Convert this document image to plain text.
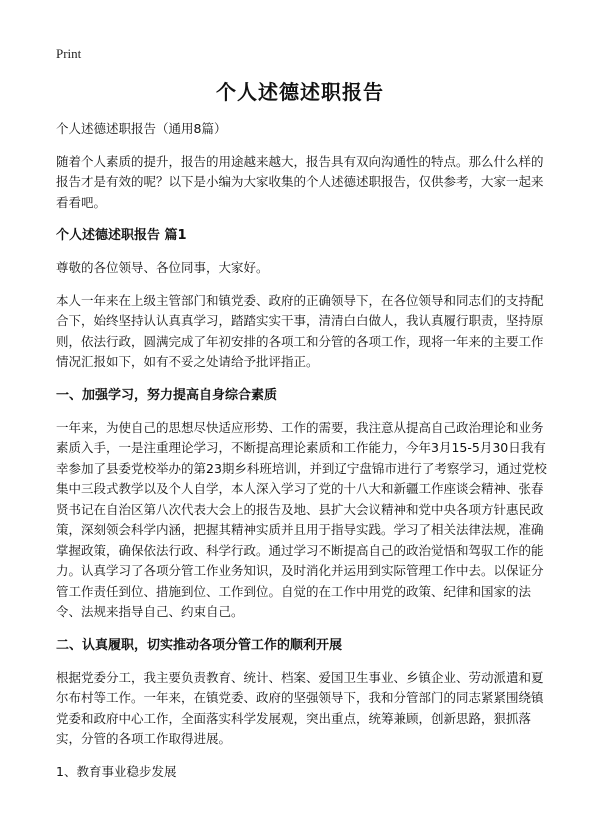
Print
个人述德述职报告

个人述德述职报告（通用8篇）

随着个人素质的提升，报告的用途越来越大，报告具有双向沟通性的特点。那么什么样的报告才是有效的呢？以下是小编为大家收集的个人述德述职报告，仅供参考，大家一起来看看吧。

个人述德述职报告 篇1

尊敬的各位领导、各位同事，大家好。

本人一年来在上级主管部门和镇党委、政府的正确领导下，在各位领导和同志们的支持配合下，始终坚持认认真真学习，踏踏实实干事，清清白白做人，我认真履行职责，坚持原则，依法行政，圆满完成了年初安排的各项工和分管的各项工作，现将一年来的主要工作情况汇报如下，如有不妥之处请给予批评指正。

一、加强学习，努力提高自身综合素质

一年来，为使自己的思想尽快适应形势、工作的需要，我注意从提高自己政治理论和业务素质入手，一是注重理论学习，不断提高理论素质和工作能力，今年3月15-5月30日我有幸参加了县委党校举办的第23期乡科班培训，并到辽宁盘锦市进行了考察学习，通过党校集中三段式教学以及个人自学，本人深入学习了党的十八大和新疆工作座谈会精神、张春贤书记在自治区第八次代表大会上的报告及地、县扩大会议精神和党中央各项方针惠民政策，深刻领会科学内涵，把握其精神实质并且用于指导实践。学习了相关法律法规，准确掌握政策，确保依法行政、科学行政。通过学习不断提高自己的政治觉悟和驾驭工作的能力。认真学习了各项分管工作业务知识，及时消化并运用到实际管理工作中去。以保证分管工作责任到位、措施到位、工作到位。自觉的在工作中用党的政策、纪律和国家的法令、法规来指导自己、约束自己。

二、认真履职，切实推动各项分管工作的顺利开展

根据党委分工，我主要负责教育、统计、档案、爱国卫生事业、乡镇企业、劳动派遣和夏尔布村等工作。一年来，在镇党委、政府的坚强领导下，我和分管部门的同志紧紧围绕镇党委和政府中心工作，全面落实科学发展观，突出重点，统筹兼顾，创新思路，狠抓落实，分管的各项工作取得进展。

1、教育事业稳步发展
